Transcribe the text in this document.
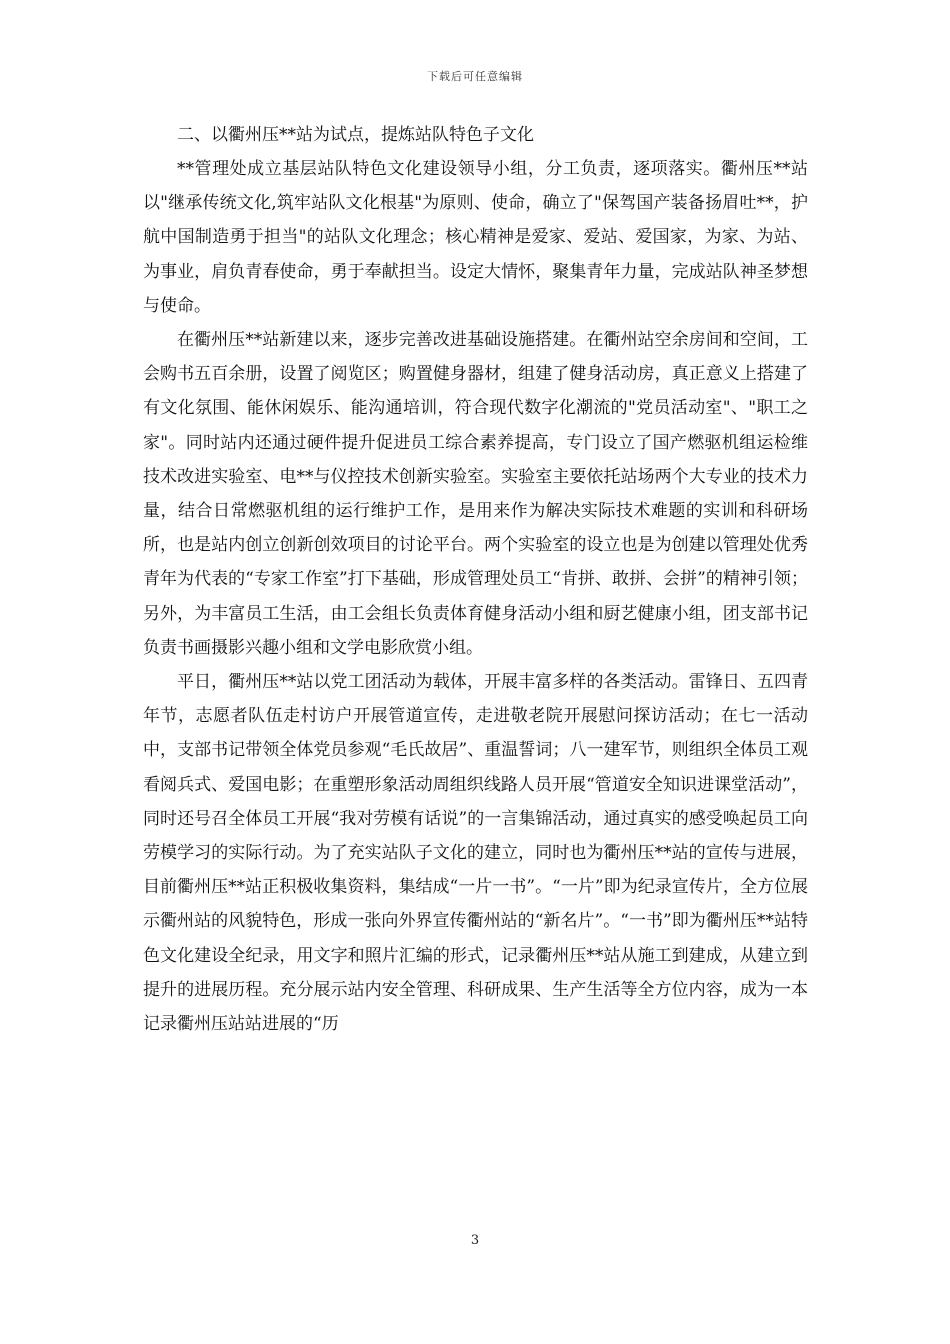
下载后可任意编辑

二、以衢州压**站为试点，提炼站队特色子文化

**管理处成立基层站队特色文化建设领导小组，分工负责，逐项落实。衢州压**站以"继承传统文化,筑牢站队文化根基"为原则、使命，确立了"保驾国产装备扬眉吐**，护航中国制造勇于担当"的站队文化理念；核心精神是爱家、爱站、爱国家，为家、为站、为事业，肩负青春使命，勇于奉献担当。设定大情怀，聚集青年力量，完成站队神圣梦想与使命。

在衢州压**站新建以来，逐步完善改进基础设施搭建。在衢州站空余房间和空间，工会购书五百余册，设置了阅览区；购置健身器材，组建了健身活动房，真正意义上搭建了有文化氛围、能休闲娱乐、能沟通培训，符合现代数字化潮流的"党员活动室"、"职工之家"。同时站内还通过硬件提升促进员工综合素养提高，专门设立了国产燃驱机组运检维技术改进实验室、电**与仪控技术创新实验室。实验室主要依托站场两个大专业的技术力量，结合日常燃驱机组的运行维护工作，是用来作为解决实际技术难题的实训和科研场所，也是站内创立创新创效项目的讨论平台。两个实验室的设立也是为创建以管理处优秀青年为代表的“专家工作室”打下基础，形成管理处员工“肯拼、敢拼、会拼”的精神引领；另外，为丰富员工生活，由工会组长负责体育健身活动小组和厨艺健康小组，团支部书记负责书画摄影兴趣小组和文学电影欣赏小组。

平日，衢州压**站以党工团活动为载体，开展丰富多样的各类活动。雷锋日、五四青年节，志愿者队伍走村访户开展管道宣传，走进敬老院开展慰问探访活动；在七一活动中，支部书记带领全体党员参观“毛氏故居”、重温誓词；八一建军节，则组织全体员工观看阅兵式、爱国电影；在重塑形象活动周组织线路人员开展“管道安全知识进课堂活动”，同时还号召全体员工开展“我对劳模有话说”的一言集锦活动，通过真实的感受唤起员工向劳模学习的实际行动。为了充实站队子文化的建立，同时也为衢州压**站的宣传与进展，目前衢州压**站正积极收集资料，集结成“一片一书”。“一片”即为纪录宣传片，全方位展示衢州站的风貌特色，形成一张向外界宣传衢州站的“新名片”。“一书”即为衢州压**站特色文化建设全纪录，用文字和照片汇编的形式，记录衢州压**站从施工到建成，从建立到提升的进展历程。充分展示站内安全管理、科研成果、生产生活等全方位内容，成为一本记录衢州压站站进展的“历

3
